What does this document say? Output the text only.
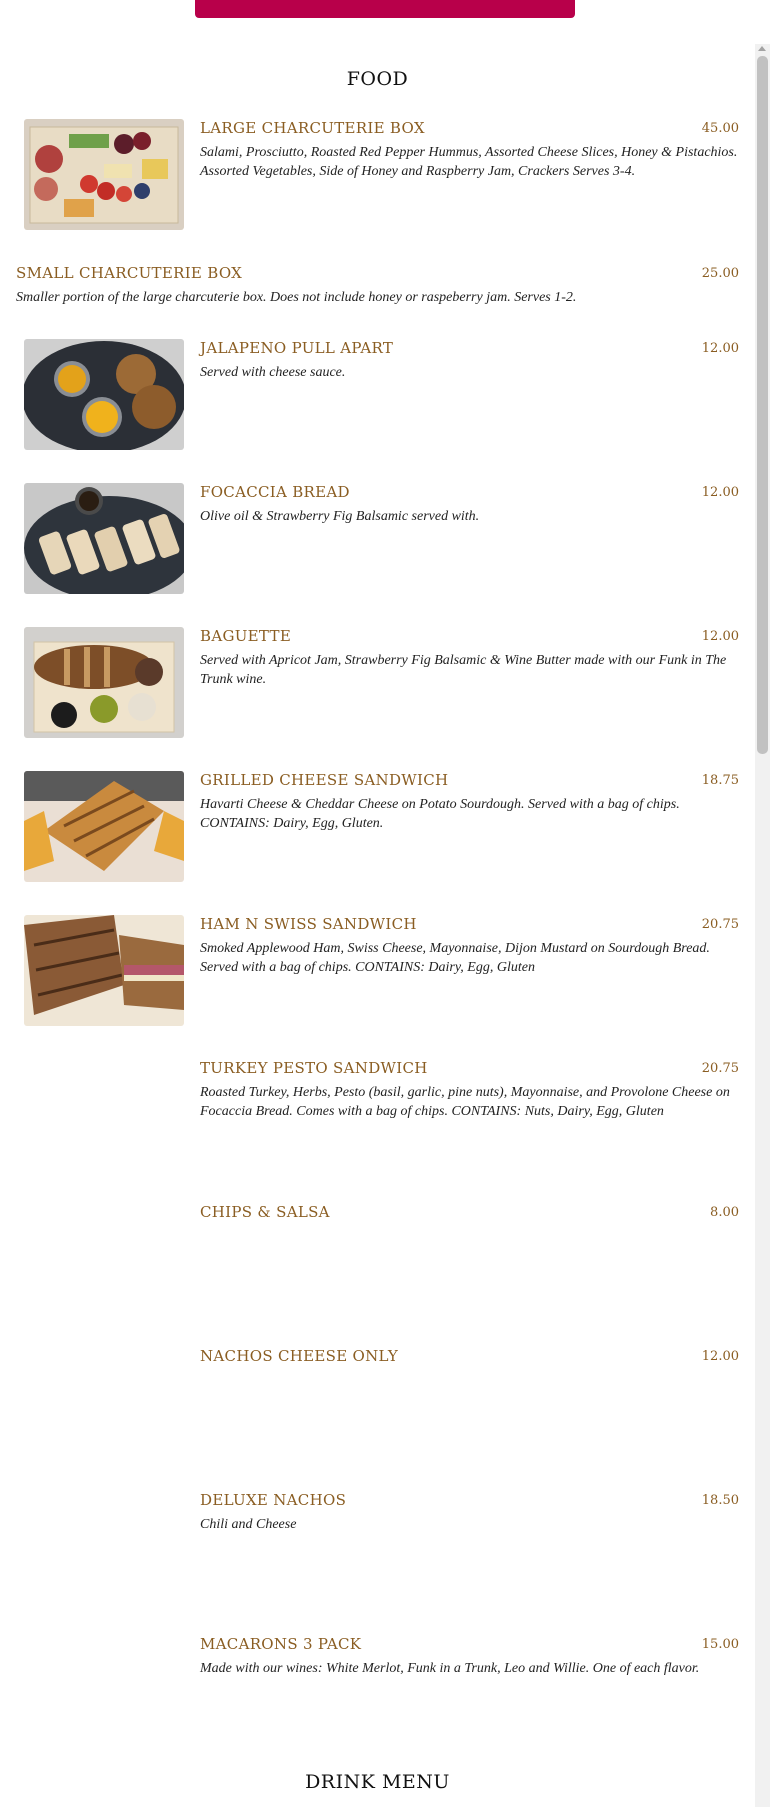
FOOD
LARGE CHARCUTERIE BOX	45.00
Salami, Prosciutto, Roasted Red Pepper Hummus, Assorted Cheese Slices, Honey & Pistachios. Assorted Vegetables, Side of Honey and Raspberry Jam, Crackers Serves 3-4.
SMALL CHARCUTERIE BOX	25.00
Smaller portion of the large charcuterie box. Does not include honey or raspeberry jam. Serves 1-2.
JALAPENO PULL APART	12.00
Served with cheese sauce.
FOCACCIA BREAD	12.00
Olive oil & Strawberry Fig Balsamic served with.
BAGUETTE	12.00
Served with Apricot Jam, Strawberry Fig Balsamic & Wine Butter made with our Funk in The Trunk wine.
GRILLED CHEESE SANDWICH	18.75
Havarti Cheese & Cheddar Cheese on Potato Sourdough. Served with a bag of chips. CONTAINS: Dairy, Egg, Gluten.
HAM N SWISS SANDWICH	20.75
Smoked Applewood Ham, Swiss Cheese, Mayonnaise, Dijon Mustard on Sourdough Bread. Served with a bag of chips. CONTAINS: Dairy, Egg, Gluten
TURKEY PESTO SANDWICH	20.75
Roasted Turkey, Herbs, Pesto (basil, garlic, pine nuts), Mayonnaise, and Provolone Cheese on Focaccia Bread. Comes with a bag of chips. CONTAINS: Nuts, Dairy, Egg, Gluten
CHIPS & SALSA	8.00
NACHOS CHEESE ONLY	12.00
DELUXE NACHOS	18.50
Chili and Cheese
MACARONS 3 PACK	15.00
Made with our wines: White Merlot, Funk in a Trunk, Leo and Willie. One of each flavor.
DRINK MENU
